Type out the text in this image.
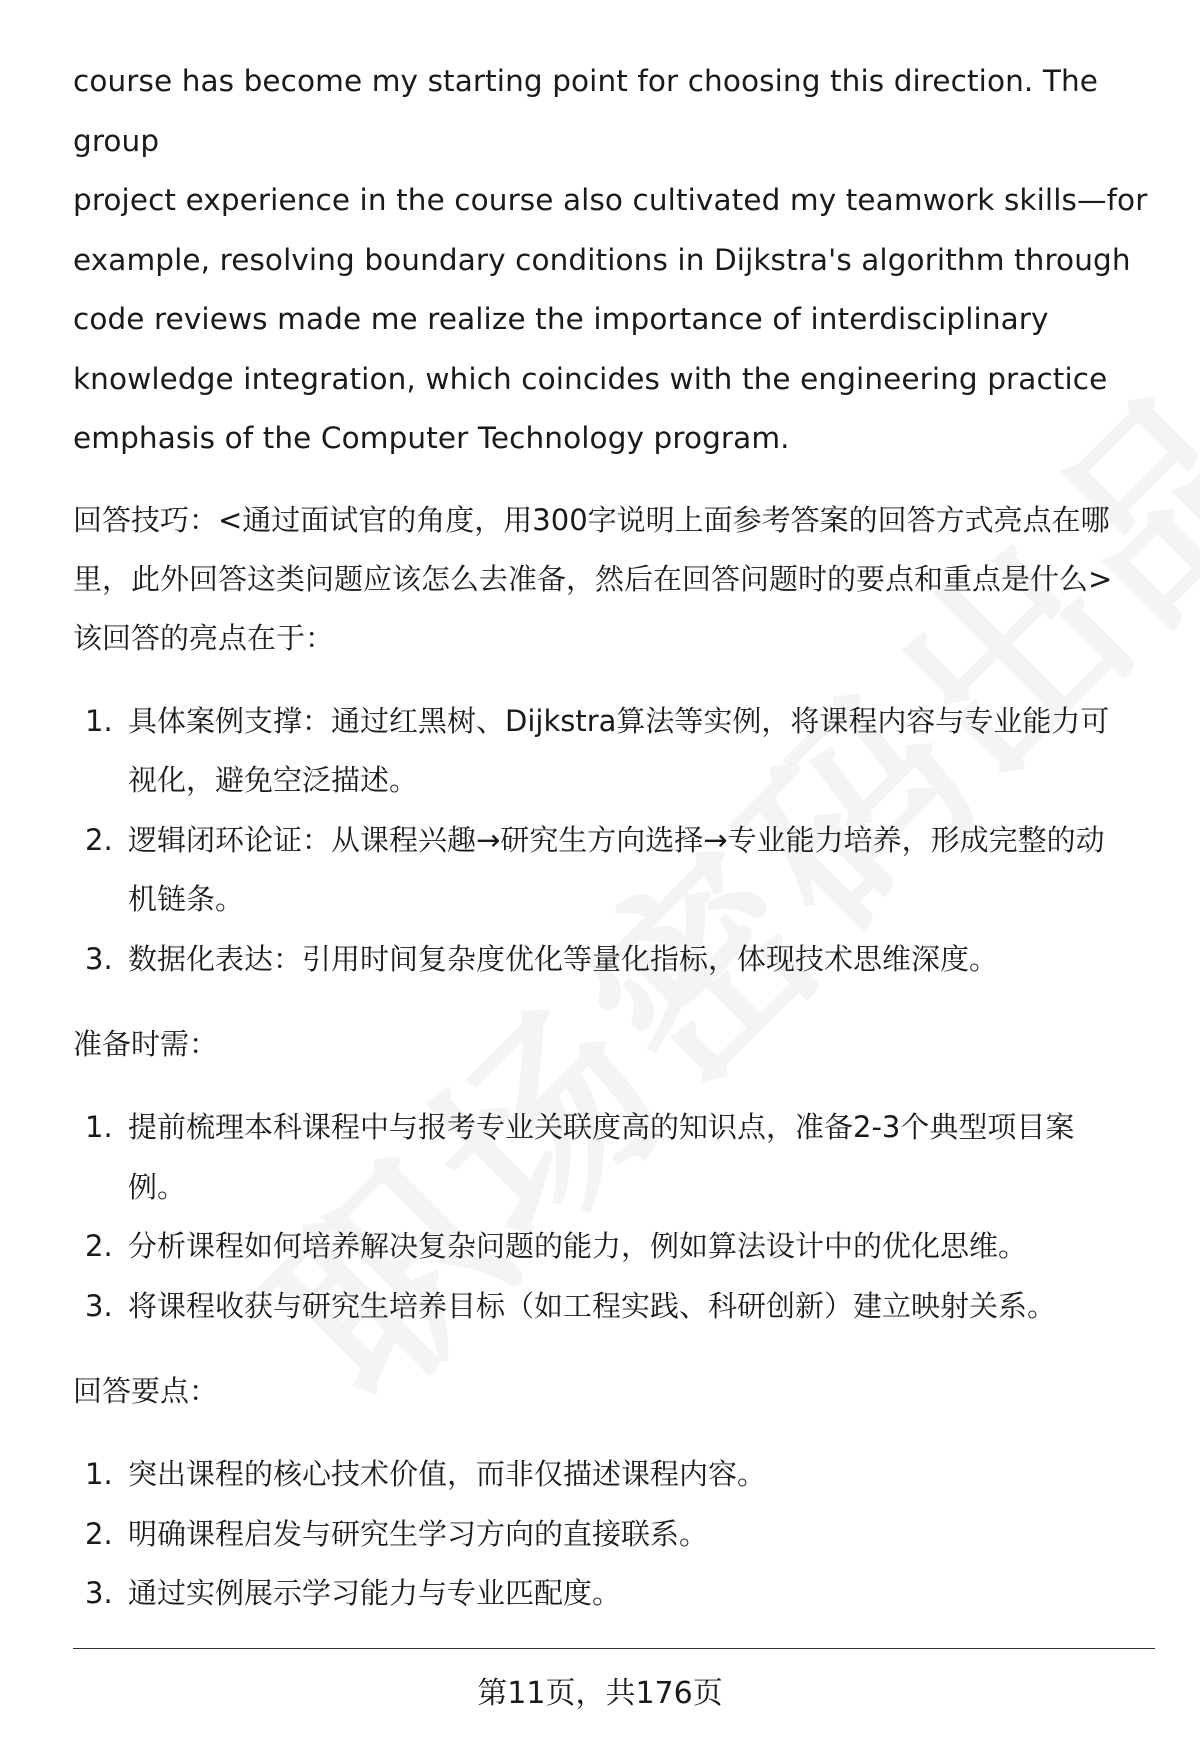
course has become my starting point for choosing this direction. The group

project experience in the course also cultivated my teamwork skills—for

example, resolving boundary conditions in Dijkstra's algorithm through

code reviews made me realize the importance of interdisciplinary

knowledge integration, which coincides with the engineering practice

emphasis of the Computer Technology program.

回答技巧：<通过面试官的角度，用300字说明上面参考答案的回答方式亮点在哪

里，此外回答这类问题应该怎么去准备，然后在回答问题时的要点和重点是什么>

该回答的亮点在于：

1. 具体案例支撑：通过红黑树、Dijkstra算法等实例，将课程内容与专业能力可
视化，避免空泛描述。
2. 逻辑闭环论证：从课程兴趣→研究生方向选择→专业能力培养，形成完整的动
机链条。
3. 数据化表达：引用时间复杂度优化等量化指标，体现技术思维深度。

准备时需：

1. 提前梳理本科课程中与报考专业关联度高的知识点，准备2-3个典型项目案
例。
2. 分析课程如何培养解决复杂问题的能力，例如算法设计中的优化思维。
3. 将课程收获与研究生培养目标（如工程实践、科研创新）建立映射关系。

回答要点：

1. 突出课程的核心技术价值，而非仅描述课程内容。
2. 明确课程启发与研究生学习方向的直接联系。
3. 通过实例展示学习能力与专业匹配度。
第11页，共176页
